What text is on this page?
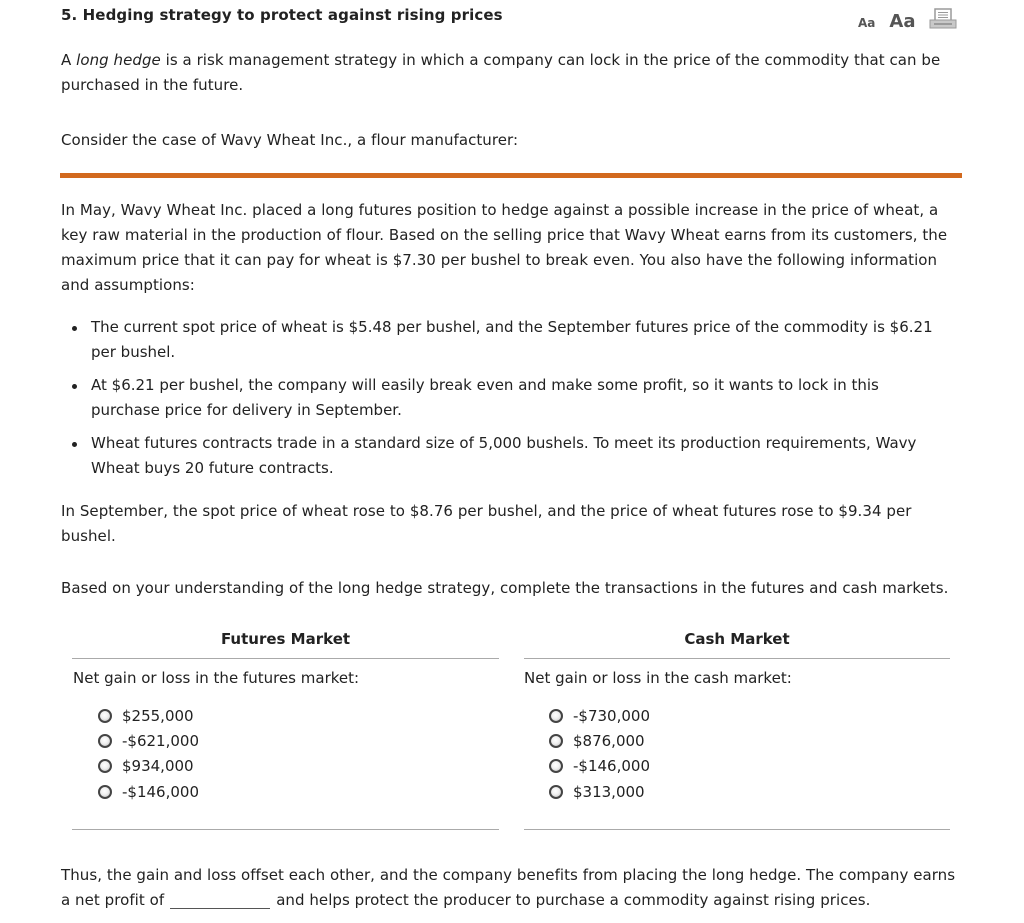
5. Hedging strategy to protect against rising prices	Aa Aa

A long hedge is a risk management strategy in which a company can lock in the price of the commodity that can be purchased in the future.

Consider the case of Wavy Wheat Inc., a flour manufacturer:

In May, Wavy Wheat Inc. placed a long futures position to hedge against a possible increase in the price of wheat, a key raw material in the production of flour. Based on the selling price that Wavy Wheat earns from its customers, the maximum price that it can pay for wheat is $7.30 per bushel to break even. You also have the following information and assumptions:

The current spot price of wheat is $5.48 per bushel, and the September futures price of the commodity is $6.21 per bushel.
At $6.21 per bushel, the company will easily break even and make some profit, so it wants to lock in this purchase price for delivery in September.
Wheat futures contracts trade in a standard size of 5,000 bushels. To meet its production requirements, Wavy Wheat buys 20 future contracts.

In September, the spot price of wheat rose to $8.76 per bushel, and the price of wheat futures rose to $9.34 per bushel.

Based on your understanding of the long hedge strategy, complete the transactions in the futures and cash markets.

Futures Market
Net gain or loss in the futures market:
$255,000
-$621,000
$934,000
-$146,000
Cash Market
Net gain or loss in the cash market:
-$730,000
$876,000
-$146,000
$313,000

Thus, the gain and loss offset each other, and the company benefits from placing the long hedge. The company earns

a net profit of	and helps protect the producer to purchase a commodity against rising prices.
